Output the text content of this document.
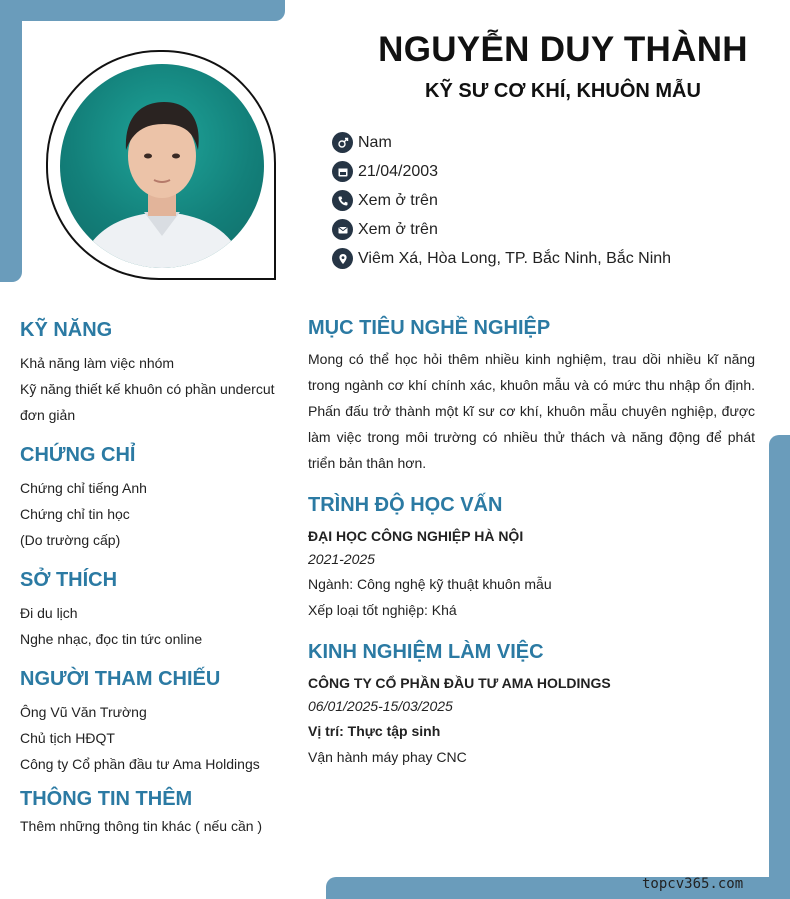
NGUYỄN DUY THÀNH
KỸ SƯ CƠ KHÍ, KHUÔN MẪU
Nam
21/04/2003
Xem ở trên
Xem ở trên
Viêm Xá, Hòa Long, TP. Bắc Ninh, Bắc Ninh
KỸ NĂNG
Khả năng làm việc nhóm
Kỹ năng thiết kế khuôn có phần undercut
đơn giản
CHỨNG CHỈ
Chứng chỉ tiếng Anh
Chứng chỉ tin học
(Do trường cấp)
SỞ THÍCH
Đi du lịch
Nghe nhạc, đọc tin tức online
NGƯỜI THAM CHIẾU
Ông Vũ Văn Trường
Chủ tịch HĐQT
Công ty Cổ phần đầu tư Ama Holdings
THÔNG TIN THÊM
Thêm những thông tin khác ( nếu cần )
MỤC TIÊU NGHỀ NGHIỆP
Mong có thể học hỏi thêm nhiều kinh nghiệm, trau dồi nhiều kĩ năng trong ngành cơ khí chính xác, khuôn mẫu và có mức thu nhập ổn định. Phấn đấu trở thành một kĩ sư cơ khí, khuôn mẫu chuyên nghiệp, được làm việc trong môi trường có nhiều thử thách và năng động để phát triển bản thân hơn.
TRÌNH ĐỘ HỌC VẤN
ĐẠI HỌC CÔNG NGHIỆP HÀ NỘI
2021-2025
Ngành: Công nghệ kỹ thuật khuôn mẫu
Xếp loại tốt nghiệp: Khá
KINH NGHIỆM LÀM VIỆC
CÔNG TY CỔ PHẦN ĐẦU TƯ AMA HOLDINGS
06/01/2025-15/03/2025
Vị trí: Thực tập sinh
Vận hành máy phay CNC
topcv365.com
